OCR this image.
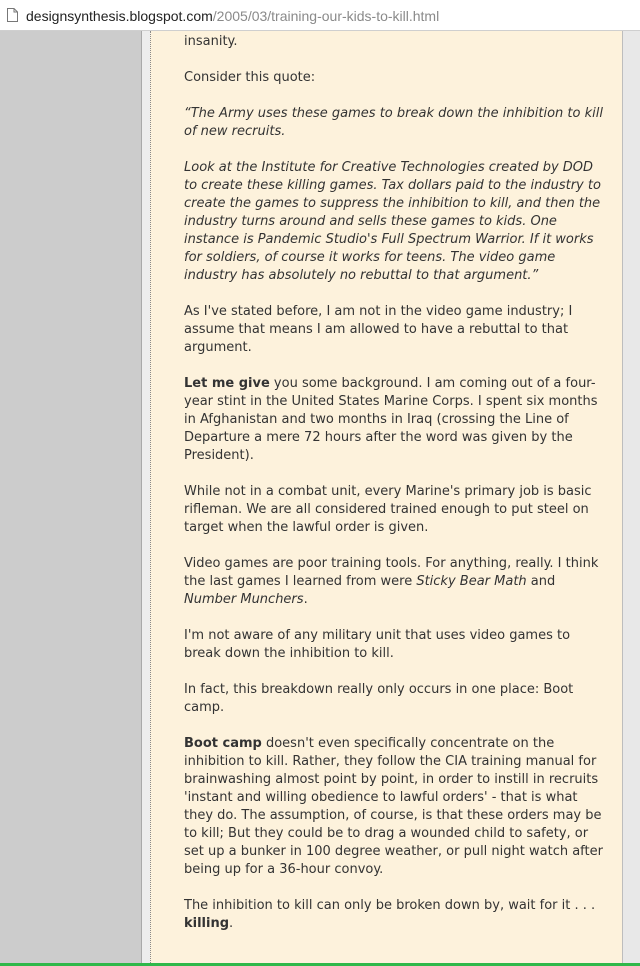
designsynthesis.blogspot.com/2005/03/training-our-kids-to-kill.html

insanity.

Consider this quote:

“The Army uses these games to break down the inhibition to kill of new recruits.

Look at the Institute for Creative Technologies created by DOD to create these killing games. Tax dollars paid to the industry to create the games to suppress the inhibition to kill, and then the industry turns around and sells these games to kids. One instance is Pandemic Studio's Full Spectrum Warrior. If it works for soldiers, of course it works for teens. The video game industry has absolutely no rebuttal to that argument.”

As I've stated before, I am not in the video game industry; I assume that means I am allowed to have a rebuttal to that argument.

Let me give you some background. I am coming out of a four-year stint in the United States Marine Corps. I spent six months in Afghanistan and two months in Iraq (crossing the Line of Departure a mere 72 hours after the word was given by the President).

While not in a combat unit, every Marine's primary job is basic rifleman. We are all considered trained enough to put steel on target when the lawful order is given.

Video games are poor training tools. For anything, really. I think the last games I learned from were Sticky Bear Math and Number Munchers.

I'm not aware of any military unit that uses video games to break down the inhibition to kill.

In fact, this breakdown really only occurs in one place: Boot camp.

Boot camp doesn't even specifically concentrate on the inhibition to kill. Rather, they follow the CIA training manual for brainwashing almost point by point, in order to instill in recruits 'instant and willing obedience to lawful orders' - that is what they do. The assumption, of course, is that these orders may be to kill; But they could be to drag a wounded child to safety, or set up a bunker in 100 degree weather, or pull night watch after being up for a 36-hour convoy.

The inhibition to kill can only be broken down by, wait for it . . . killing.
